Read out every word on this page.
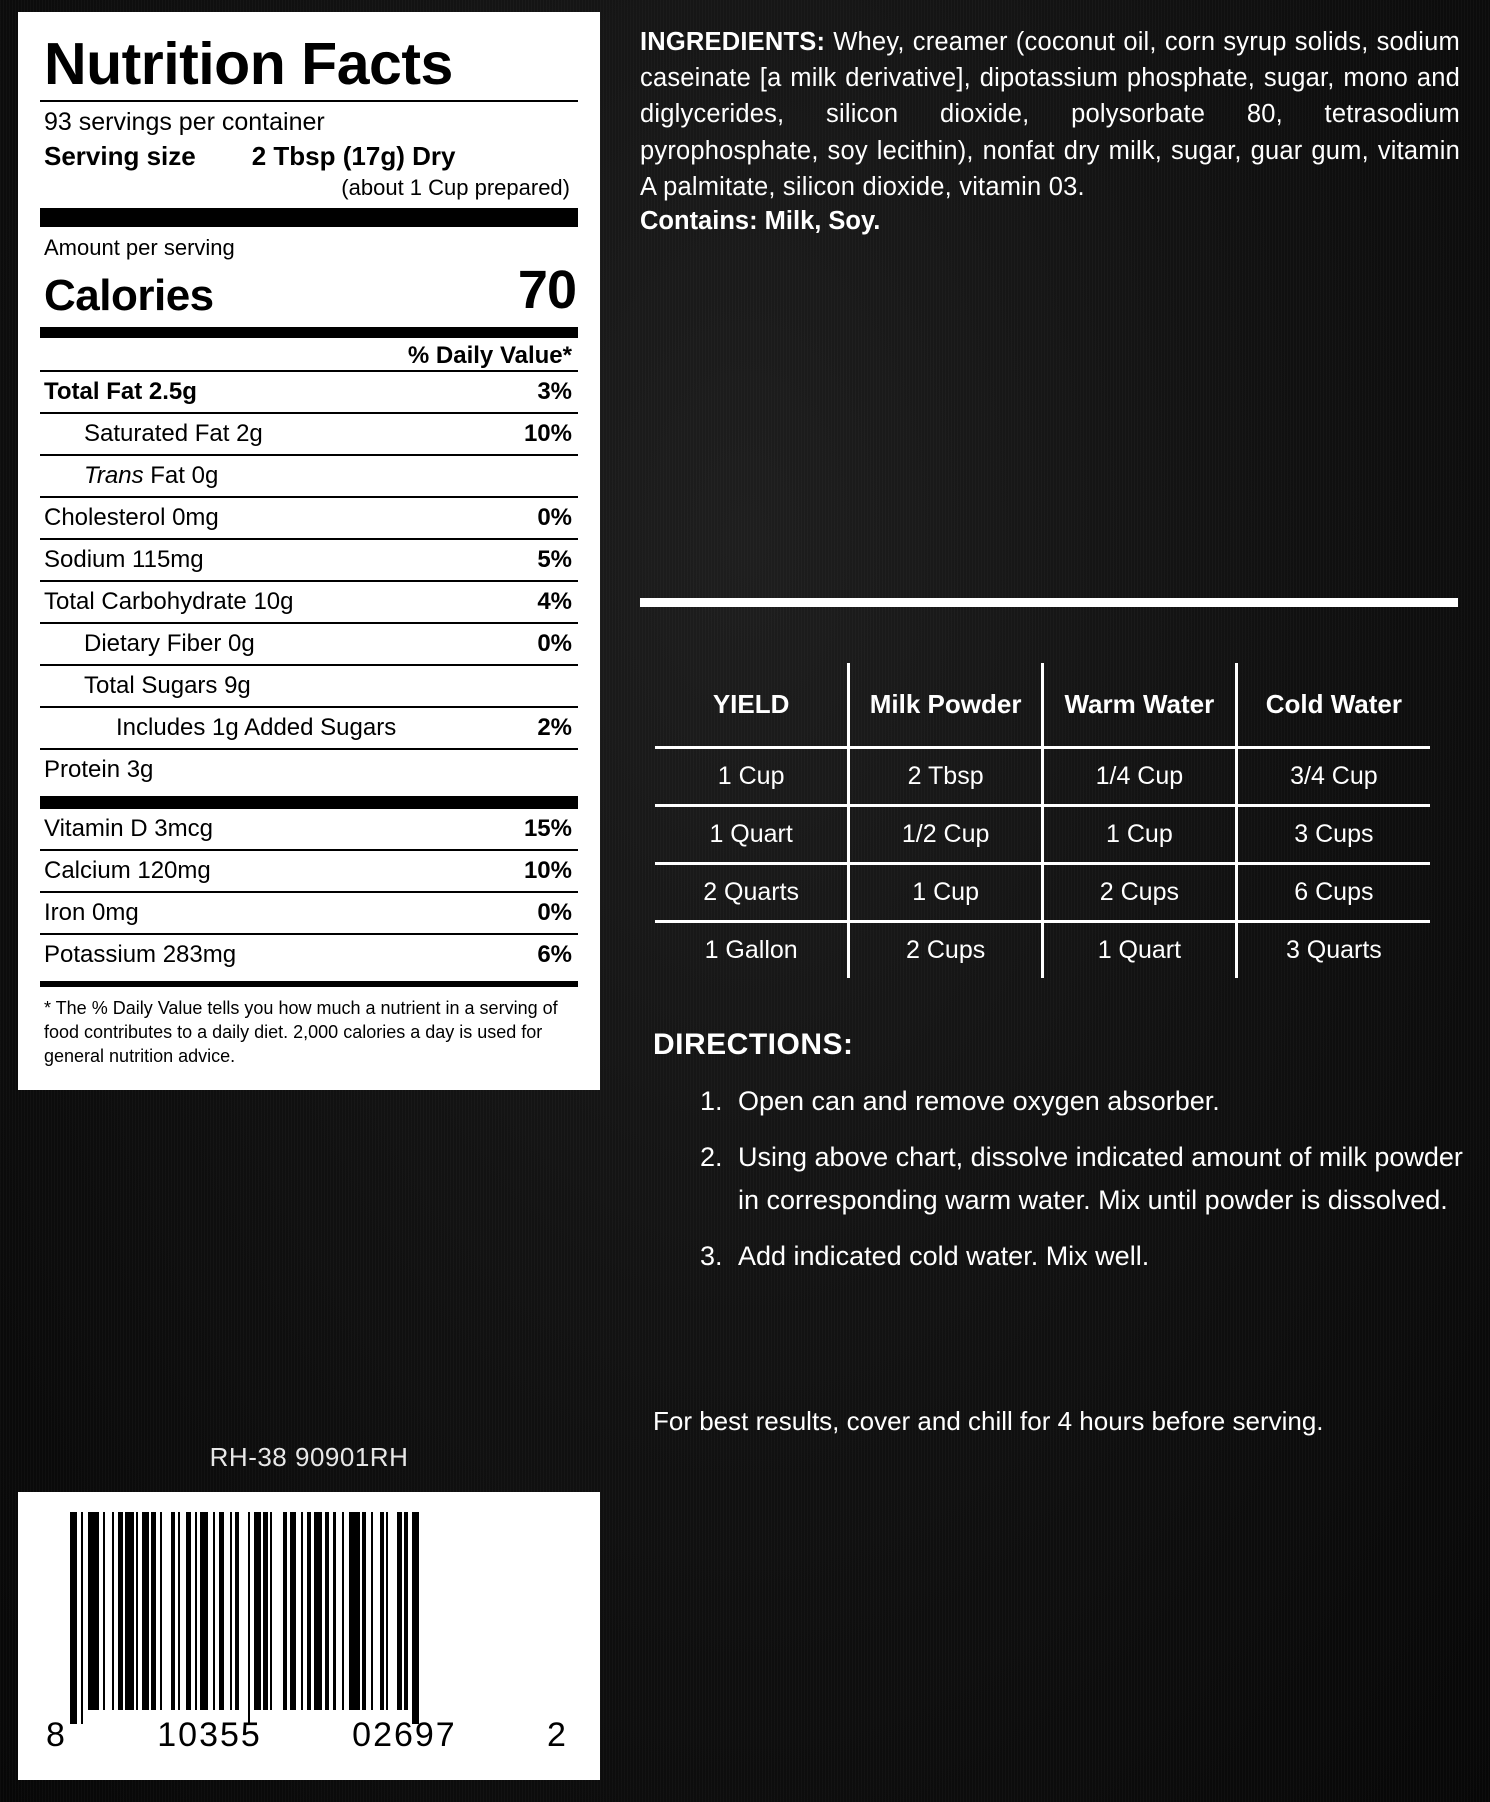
Nutrition Facts
93 servings per container
Serving size 2 Tbsp (17g) Dry
(about 1 Cup prepared)
Amount per serving
Calories	70
% Daily Value*
Total Fat 2.5g	3%
Saturated Fat 2g	10%
Trans Fat 0g
Cholesterol 0mg	0%
Sodium 115mg	5%
Total Carbohydrate 10g	4%
Dietary Fiber 0g	0%
Total Sugars 9g
Includes 1g Added Sugars	2%
Protein 3g
Vitamin D 3mcg	15%
Calcium 120mg	10%
Iron 0mg	0%
Potassium 283mg	6%
* The % Daily Value tells you how much a nutrient in a serving of food contributes to a daily diet. 2,000 calories a day is used for general nutrition advice.
RH-38 90901RH
8	10355	02697	2
INGREDIENTS: Whey, creamer (coconut oil, corn syrup solids, sodium caseinate [a milk derivative], dipotassium phosphate, sugar, mono and diglycerides, silicon dioxide, polysorbate 80, tetrasodium pyrophosphate, soy lecithin), nonfat dry milk, sugar, guar gum, vitamin A palmitate, silicon dioxide, vitamin 03.
Contains: Milk, Soy.
YIELD	Milk Powder	Warm Water	Cold Water
1 Cup	2 Tbsp	1/4 Cup	3/4 Cup
1 Quart	1/2 Cup	1 Cup	3 Cups
2 Quarts	1 Cup	2 Cups	6 Cups
1 Gallon	2 Cups	1 Quart	3 Quarts
DIRECTIONS:
1. Open can and remove oxygen absorber.
2. Using above chart, dissolve indicated amount of milk powder in corresponding warm water. Mix until powder is dissolved.
3. Add indicated cold water. Mix well.
For best results, cover and chill for 4 hours before serving.
